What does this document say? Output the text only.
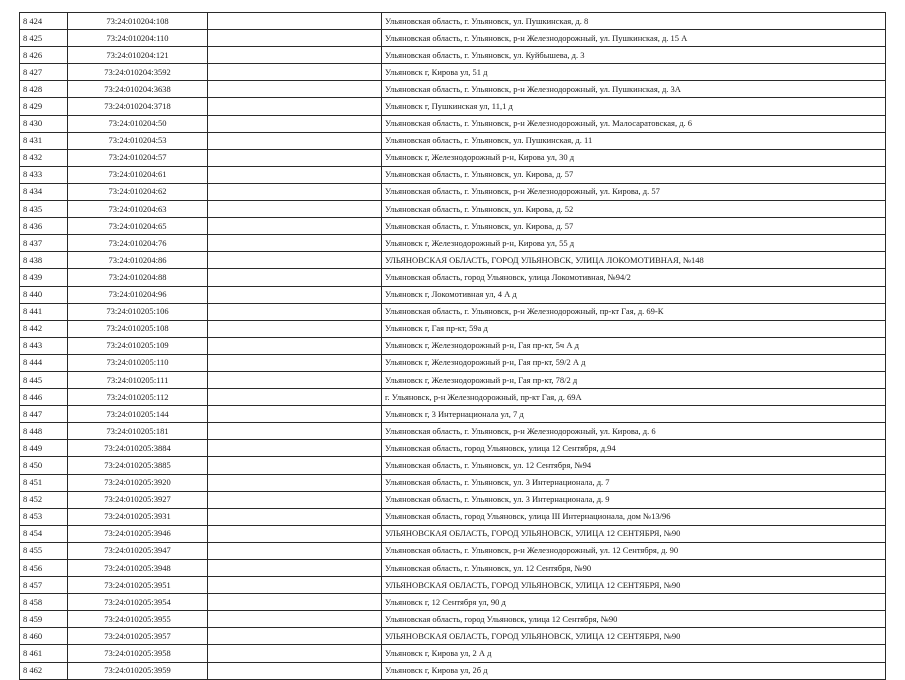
8 424	73:24:010204:108		Ульяновская область, г. Ульяновск, ул. Пушкинская, д. 8
8 425	73:24:010204:110		Ульяновская область, г. Ульяновск, р-н Железнодорожный, ул. Пушкинская, д. 15 А
8 426	73:24:010204:121		Ульяновская область, г. Ульяновск, ул. Куйбышева, д. 3
8 427	73:24:010204:3592		Ульяновск г, Кирова ул, 51 д
8 428	73:24:010204:3638		Ульяновская область, г. Ульяновск, р-н Железнодорожный, ул. Пушкинская, д. 3А
8 429	73:24:010204:3718		Ульяновск г, Пушкинская ул, 11,1 д
8 430	73:24:010204:50		Ульяновская область, г. Ульяновск, р-н Железнодорожный, ул. Малосаратовская, д. 6
8 431	73:24:010204:53		Ульяновская область, г. Ульяновск, ул. Пушкинская, д. 11
8 432	73:24:010204:57		Ульяновск г, Железнодорожный р-н, Кирова ул, 30 д
8 433	73:24:010204:61		Ульяновская область, г. Ульяновск, ул. Кирова, д. 57
8 434	73:24:010204:62		Ульяновская область, г. Ульяновск, р-н Железнодорожный, ул. Кирова, д. 57
8 435	73:24:010204:63		Ульяновская область, г. Ульяновск, ул. Кирова, д. 52
8 436	73:24:010204:65		Ульяновская область, г. Ульяновск, ул. Кирова, д. 57
8 437	73:24:010204:76		Ульяновск г, Железнодорожный р-н, Кирова ул, 55 д
8 438	73:24:010204:86		УЛЬЯНОВСКАЯ ОБЛАСТЬ, ГОРОД УЛЬЯНОВСК, УЛИЦА ЛОКОМОТИВНАЯ, №148
8 439	73:24:010204:88		Ульяновская область, город Ульяновск, улица Локомотивная, №94/2
8 440	73:24:010204:96		Ульяновск г, Локомотивная ул, 4 А д
8 441	73:24:010205:106		Ульяновская область, г. Ульяновск, р-н Железнодорожный, пр-кт Гая, д. 69-К
8 442	73:24:010205:108		Ульяновск г, Гая пр-кт, 59а д
8 443	73:24:010205:109		Ульяновск г, Железнодорожный р-н, Гая пр-кт, 5ч А д
8 444	73:24:010205:110		Ульяновск г, Железнодорожный р-н, Гая пр-кт, 59/2 А д
8 445	73:24:010205:111		Ульяновск г, Железнодорожный р-н, Гая пр-кт, 78/2 д
8 446	73:24:010205:112		г. Ульяновск, р-н Железнодорожный, пр-кт Гая, д. 69А
8 447	73:24:010205:144		Ульяновск г, 3 Интернационала ул, 7 д
8 448	73:24:010205:181		Ульяновская область, г. Ульяновск, р-н Железнодорожный, ул. Кирова, д. 6
8 449	73:24:010205:3884		Ульяновская область, город Ульяновск, улица 12 Сентября, д.94
8 450	73:24:010205:3885		Ульяновская область, г. Ульяновск, ул. 12 Сентября, №94
8 451	73:24:010205:3920		Ульяновская область, г. Ульяновск, ул. 3 Интернационала, д. 7
8 452	73:24:010205:3927		Ульяновская область, г. Ульяновск, ул. 3 Интернационала, д. 9
8 453	73:24:010205:3931		Ульяновская область, город Ульяновск, улица III Интернационала, дом №13/96
8 454	73:24:010205:3946		УЛЬЯНОВСКАЯ ОБЛАСТЬ, ГОРОД УЛЬЯНОВСК, УЛИЦА 12 СЕНТЯБРЯ, №90
8 455	73:24:010205:3947		Ульяновская область, г. Ульяновск, р-н Железнодорожный, ул. 12 Сентября, д. 90
8 456	73:24:010205:3948		Ульяновская область, г. Ульяновск, ул. 12 Сентября, №90
8 457	73:24:010205:3951		УЛЬЯНОВСКАЯ ОБЛАСТЬ, ГОРОД УЛЬЯНОВСК, УЛИЦА 12 СЕНТЯБРЯ, №90
8 458	73:24:010205:3954		Ульяновск г, 12 Сентября ул, 90 д
8 459	73:24:010205:3955		Ульяновская область, город Ульяновск, улица 12 Сентября, №90
8 460	73:24:010205:3957		УЛЬЯНОВСКАЯ ОБЛАСТЬ, ГОРОД УЛЬЯНОВСК, УЛИЦА 12 СЕНТЯБРЯ, №90
8 461	73:24:010205:3958		Ульяновск г, Кирова ул, 2 А д
8 462	73:24:010205:3959		Ульяновск г, Кирова ул, 2б д
